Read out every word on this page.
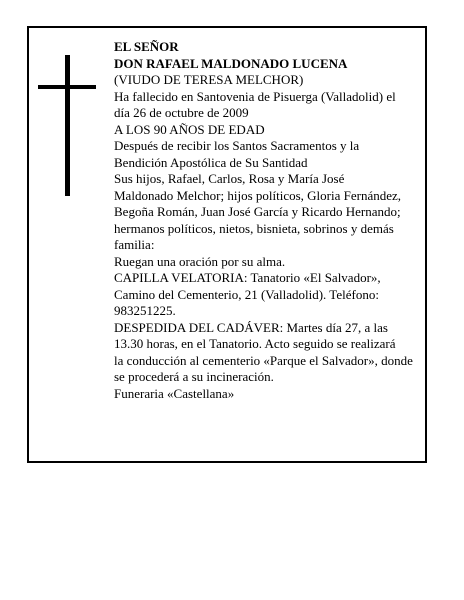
EL SEÑOR

DON RAFAEL MALDONADO LUCENA

(VIUDO DE TERESA MELCHOR)

Ha fallecido en Santovenia de Pisuerga (Valladolid) el

día 26 de octubre de 2009

A LOS 90 AÑOS DE EDAD

Después de recibir los Santos Sacramentos y la

Bendición Apostólica de Su Santidad

Sus hijos, Rafael, Carlos, Rosa y María José

Maldonado Melchor; hijos políticos, Gloria Fernández,

Begoña Román, Juan José García y Ricardo Hernando;

hermanos políticos, nietos, bisnieta, sobrinos y demás

familia:

Ruegan una oración por su alma.

CAPILLA VELATORIA: Tanatorio «El Salvador»,

Camino del Cementerio, 21 (Valladolid). Teléfono:

983251225.

DESPEDIDA DEL CADÁVER: Martes día 27, a las

13.30 horas, en el Tanatorio. Acto seguido se realizará

la conducción al cementerio «Parque el Salvador», donde

se procederá a su incineración.

Funeraria «Castellana»
